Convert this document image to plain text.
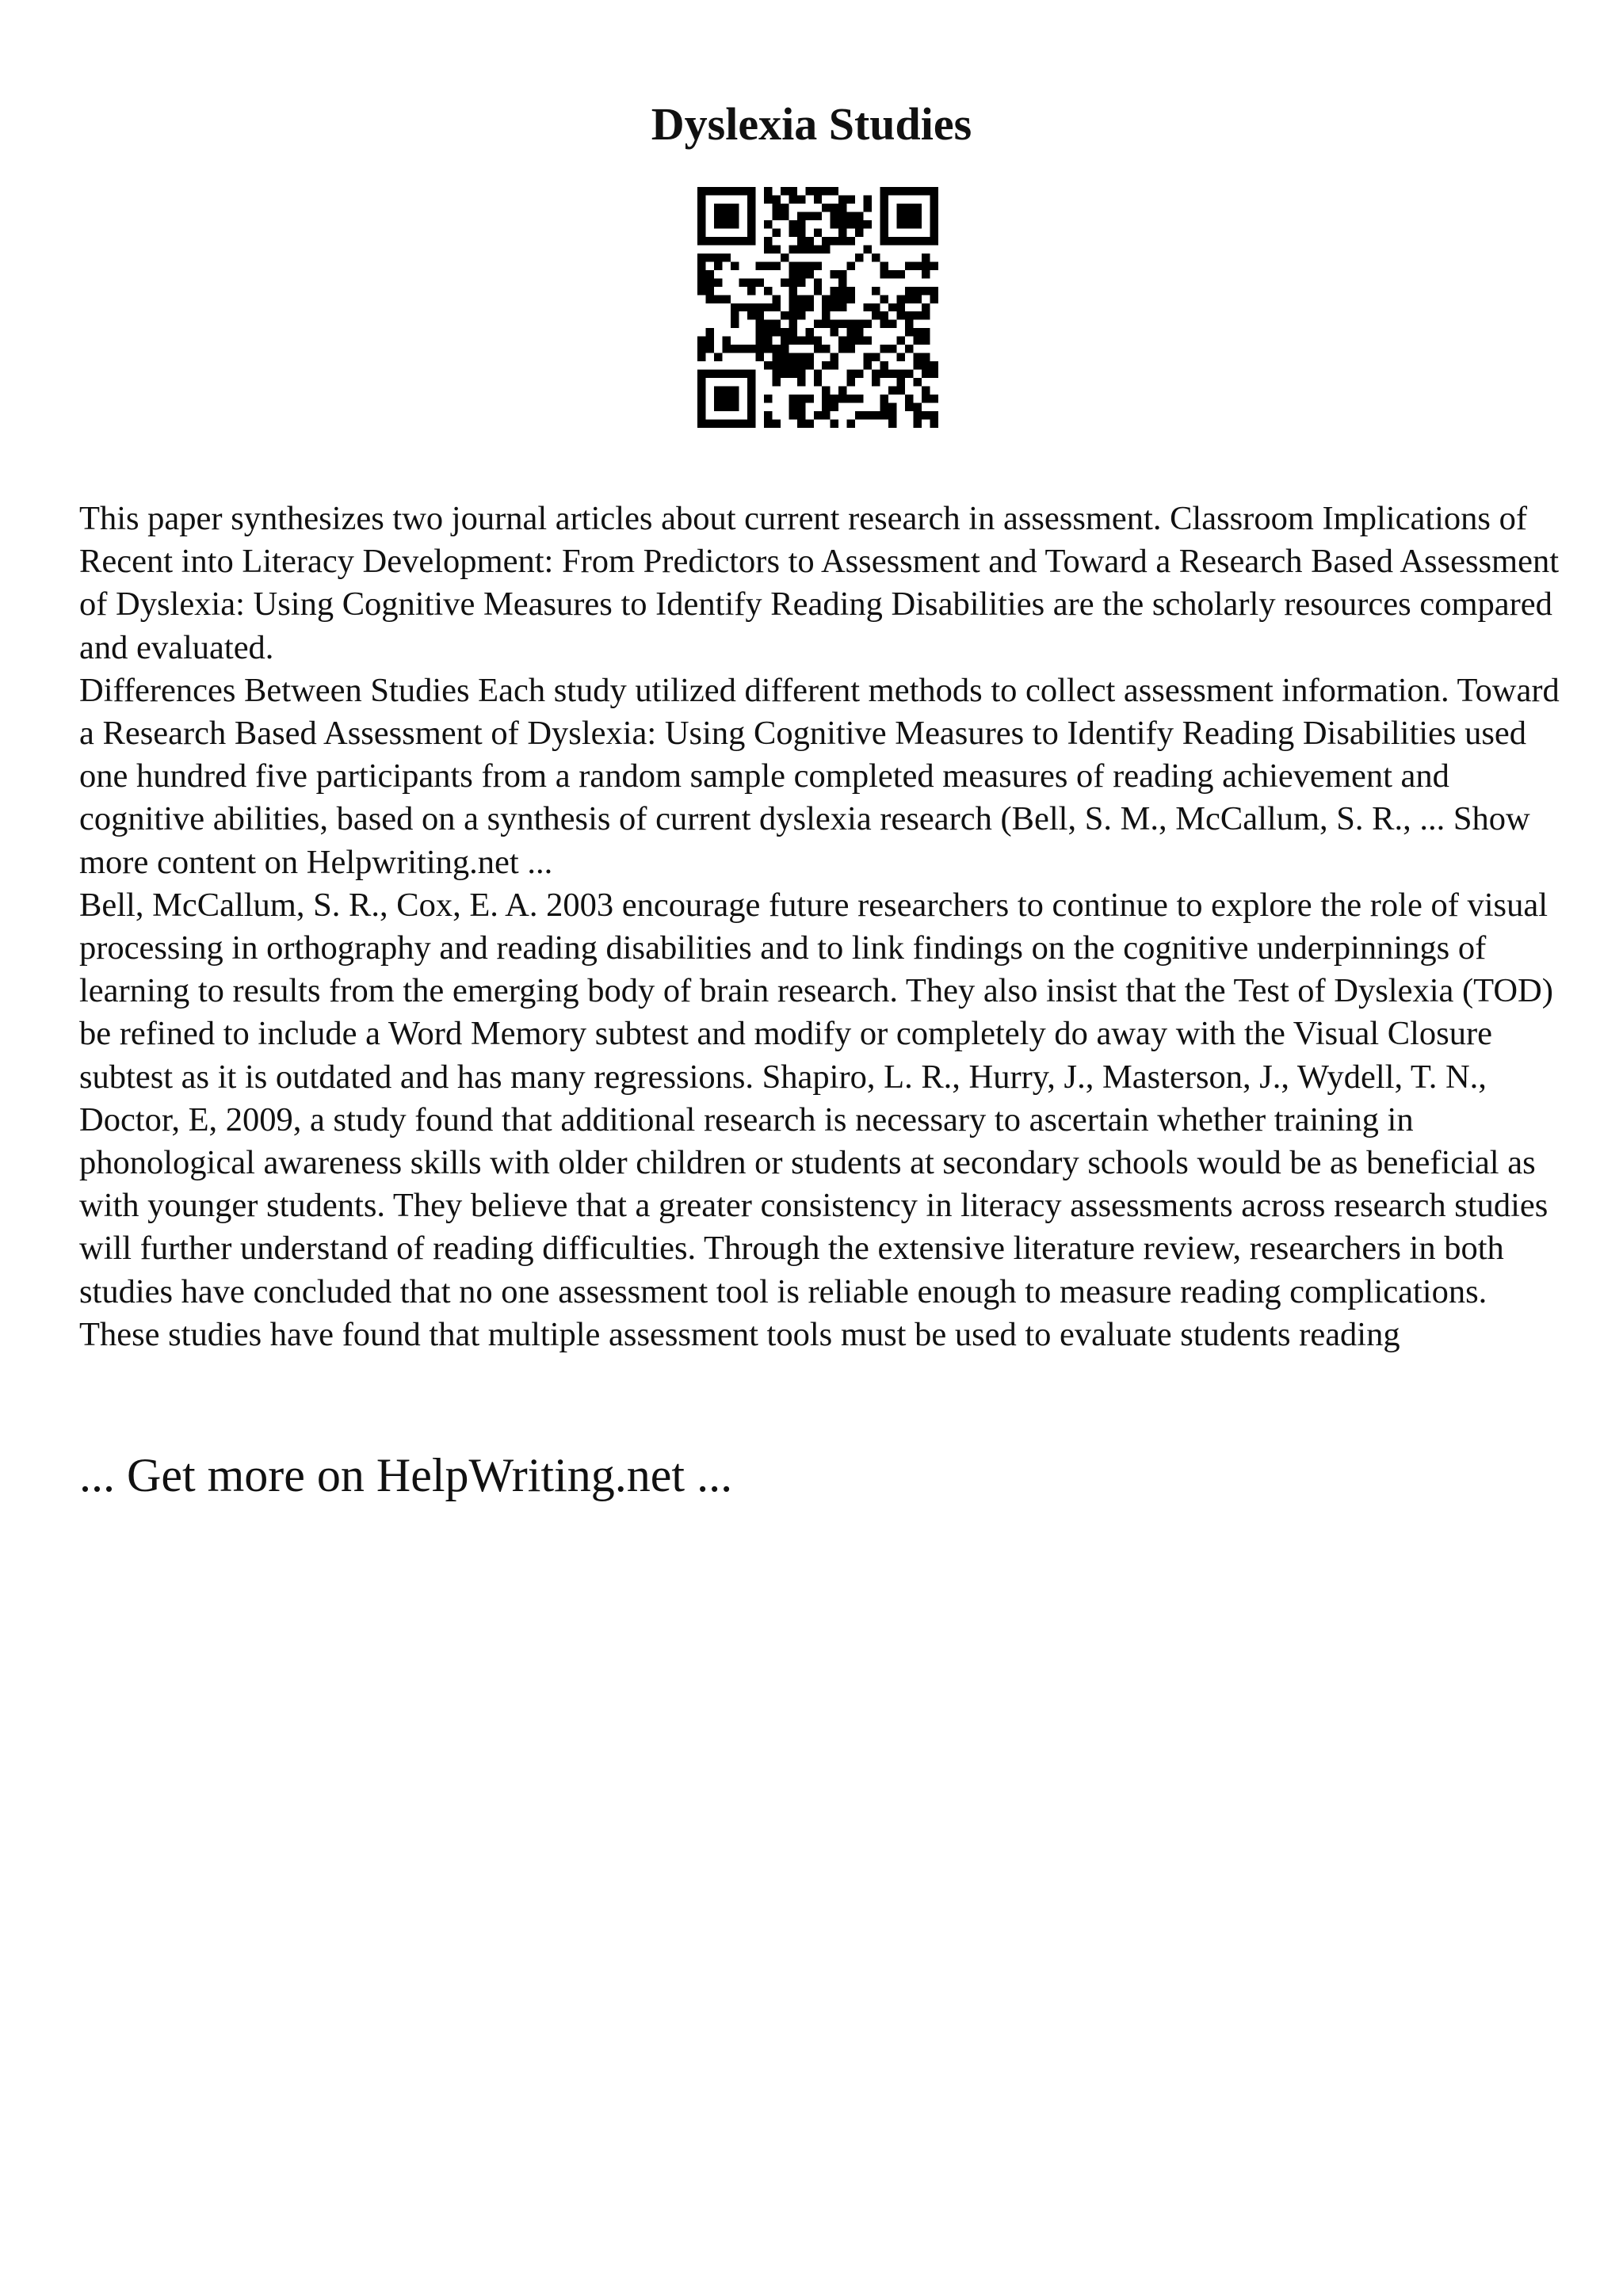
Dyslexia Studies

This paper synthesizes two journal articles about current research in assessment. Classroom Implications of Recent into Literacy Development: From Predictors to Assessment and Toward a Research Based Assessment of Dyslexia: Using Cognitive Measures to Identify Reading Disabilities are the scholarly resources compared and evaluated.

Differences Between Studies Each study utilized different methods to collect assessment information. Toward a Research Based Assessment of Dyslexia: Using Cognitive Measures to Identify Reading Disabilities used one hundred five participants from a random sample completed measures of reading achievement and cognitive abilities, based on a synthesis of current dyslexia research (Bell, S. M., McCallum, S. R., ... Show more content on Helpwriting.net ...

Bell, McCallum, S. R., Cox, E. A. 2003 encourage future researchers to continue to explore the role of visual processing in orthography and reading disabilities and to link findings on the cognitive underpinnings of learning to results from the emerging body of brain research. They also insist that the Test of Dyslexia (TOD) be refined to include a Word Memory subtest and modify or completely do away with the Visual Closure subtest as it is outdated and has many regressions. Shapiro, L. R., Hurry, J., Masterson, J., Wydell, T. N., Doctor, E, 2009, a study found that additional research is necessary to ascertain whether training in phonological awareness skills with older children or students at secondary schools would be as beneficial as with younger students. They believe that a greater consistency in literacy assessments across research studies will further understand of reading difficulties. Through the extensive literature review, researchers in both studies have concluded that no one assessment tool is reliable enough to measure reading complications. These studies have found that multiple assessment tools must be used to evaluate students reading

... Get more on HelpWriting.net ...
